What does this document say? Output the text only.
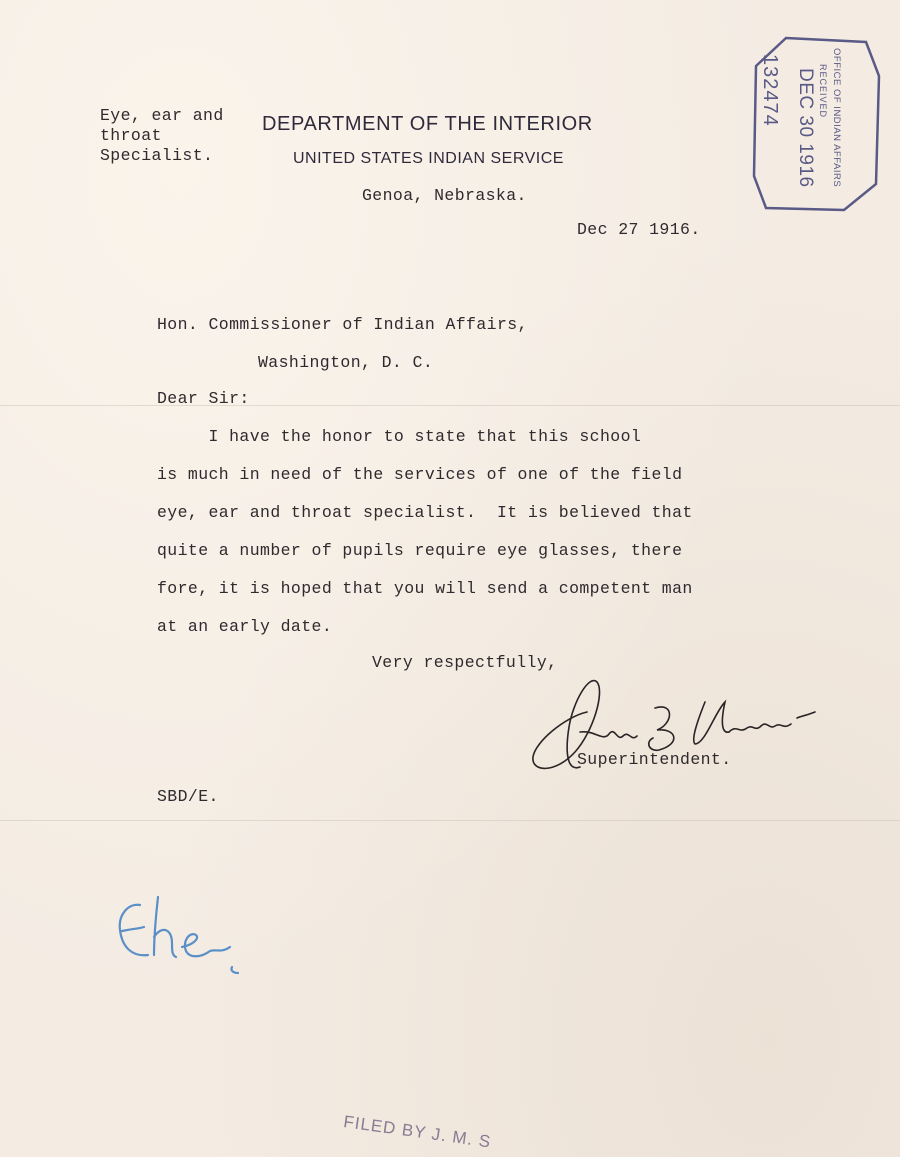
Eye, ear and
throat
Specialist.
DEPARTMENT OF THE INTERIOR
UNITED STATES INDIAN SERVICE
Genoa, Nebraska.
OFFICE OF INDIAN AFFAIRS
RECEIVED
DEC 30 1916
132474
Dec 27 1916.
Hon. Commissioner of Indian Affairs,
Washington, D. C.
Dear Sir:
I have the honor to state that this school
is much in need of the services of one of the field
eye, ear and throat specialist.  It is believed that
quite a number of pupils require eye glasses, there
fore, it is hoped that you will send a competent man
at an early date.
Very respectfully,
Superintendent.
SBD/E.
FILED BY J. M. S
